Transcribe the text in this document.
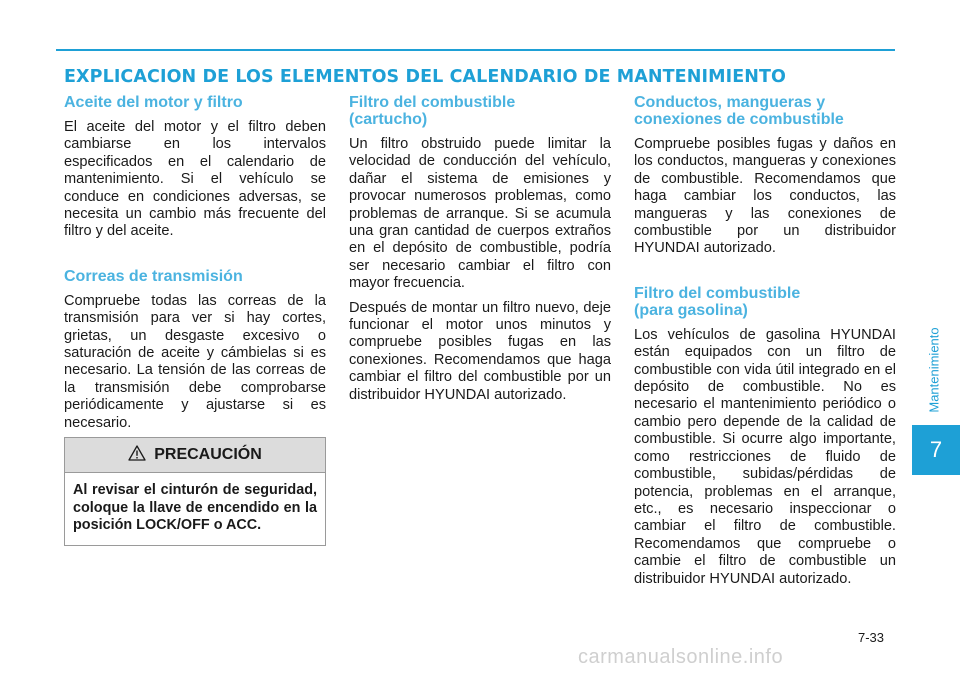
EXPLICACION DE LOS ELEMENTOS DEL CALENDARIO DE MANTENIMIENTO
Aceite del motor y filtro

El aceite del motor y el filtro deben cambiarse en los intervalos especificados en el calendario de mantenimiento. Si el vehículo se conduce en condiciones adversas, se necesita un cambio más frecuente del filtro y del aceite.

Correas de transmisión

Compruebe todas las correas de la transmisión para ver si hay cortes, grietas, un desgaste excesivo o saturación de aceite y cámbielas si es necesario. La tensión de las correas de la transmisión debe comprobarse periódicamente y ajustarse si es necesario.

PRECAUCIÓN
Al revisar el cinturón de seguridad, coloque la llave de encendido en la posición LOCK/OFF o ACC.
Filtro del combustible
(cartucho)

Un filtro obstruido puede limitar la velocidad de conducción del vehículo, dañar el sistema de emisiones y provocar numerosos problemas, como problemas de arranque. Si se acumula una gran cantidad de cuerpos extraños en el depósito de combustible, podría ser necesario cambiar el filtro con mayor frecuencia.

Después de montar un filtro nuevo, deje funcionar el motor unos minutos y compruebe posibles fugas en las conexiones. Recomendamos que haga cambiar el filtro del combustible por un distribuidor HYUNDAI autorizado.

Conductos, mangueras y
conexiones de combustible

Compruebe posibles fugas y daños en los conductos, mangueras y conexiones de combustible. Recomendamos que haga cambiar los conductos, las mangueras y las conexiones de combustible por un distribuidor HYUNDAI autorizado.

Filtro del combustible
(para gasolina)

Los vehículos de gasolina HYUNDAI están equipados con un filtro de combustible con vida útil integrado en el depósito de combustible. No es necesario el mantenimiento periódico o cambio pero depende de la calidad de combustible. Si ocurre algo importante, como restricciones de fluido de combustible, subidas/pérdidas de potencia, problemas en el arranque, etc., es necesario inspeccionar o cambiar el filtro de combustible. Recomendamos que compruebe o cambie el filtro de combustible un distribuidor HYUNDAI autorizado.

Mantenimiento
7
7-33
carmanualsonline.info
